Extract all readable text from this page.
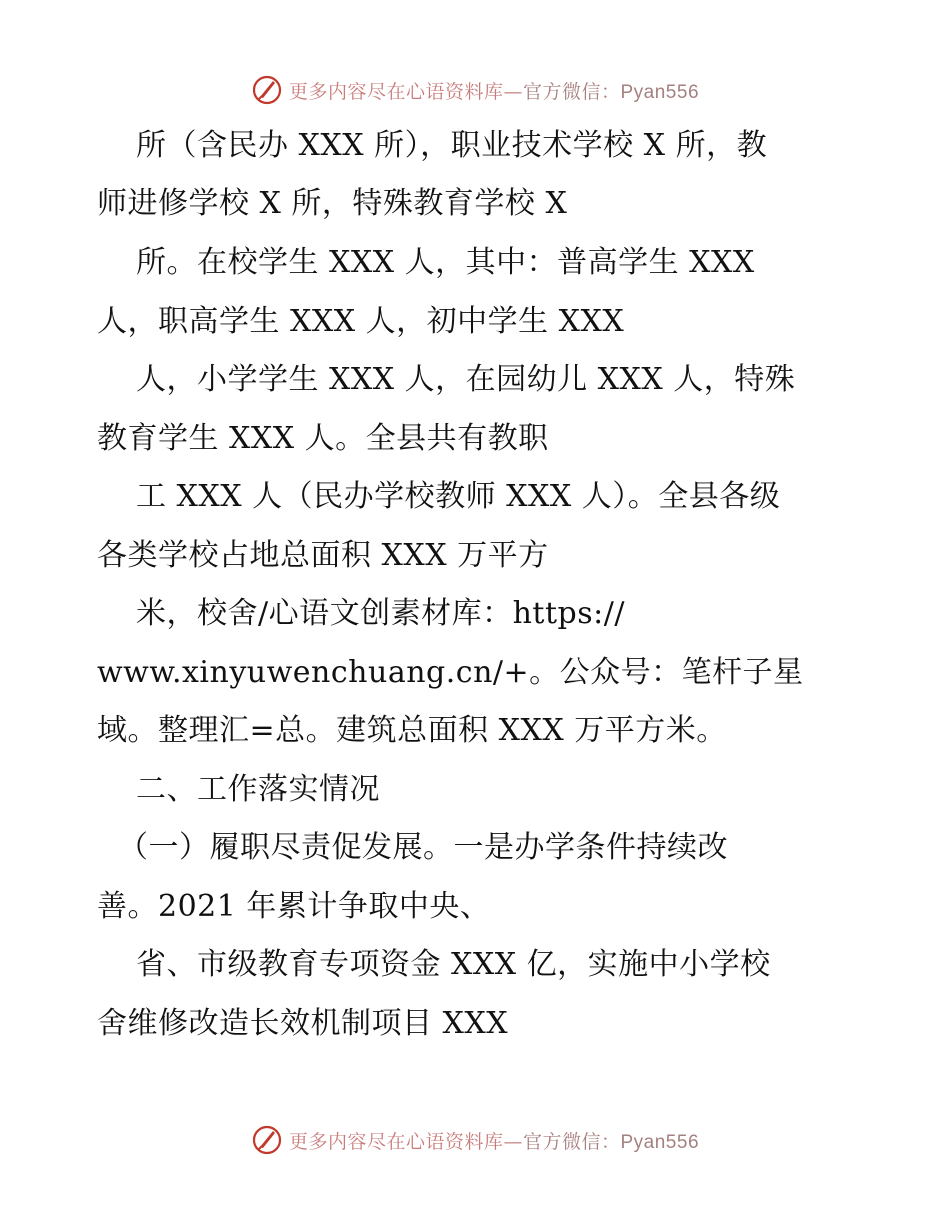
更多内容尽在心语资料库—官方微信：Pyan556
所（含民办 XXX 所），职业技术学校 X 所，教
师进修学校 X 所，特殊教育学校 X
所。在校学生 XXX 人，其中：普高学生 XXX
人，职高学生 XXX 人，初中学生 XXX
人，小学学生 XXX 人，在园幼儿 XXX 人，特殊
教育学生 XXX 人。全县共有教职
工 XXX 人（民办学校教师 XXX 人）。全县各级
各类学校占地总面积 XXX 万平方
米，校舍/心语文创素材库：https://
www.xinyuwenchuang.cn/+。公众号：笔杆子星
域。整理汇=总。建筑总面积 XXX 万平方米。
二、工作落实情况
（一）履职尽责促发展。一是办学条件持续改
善。2021 年累计争取中央、
省、市级教育专项资金 XXX 亿，实施中小学校
舍维修改造长效机制项目 XXX
更多内容尽在心语资料库—官方微信：Pyan556
